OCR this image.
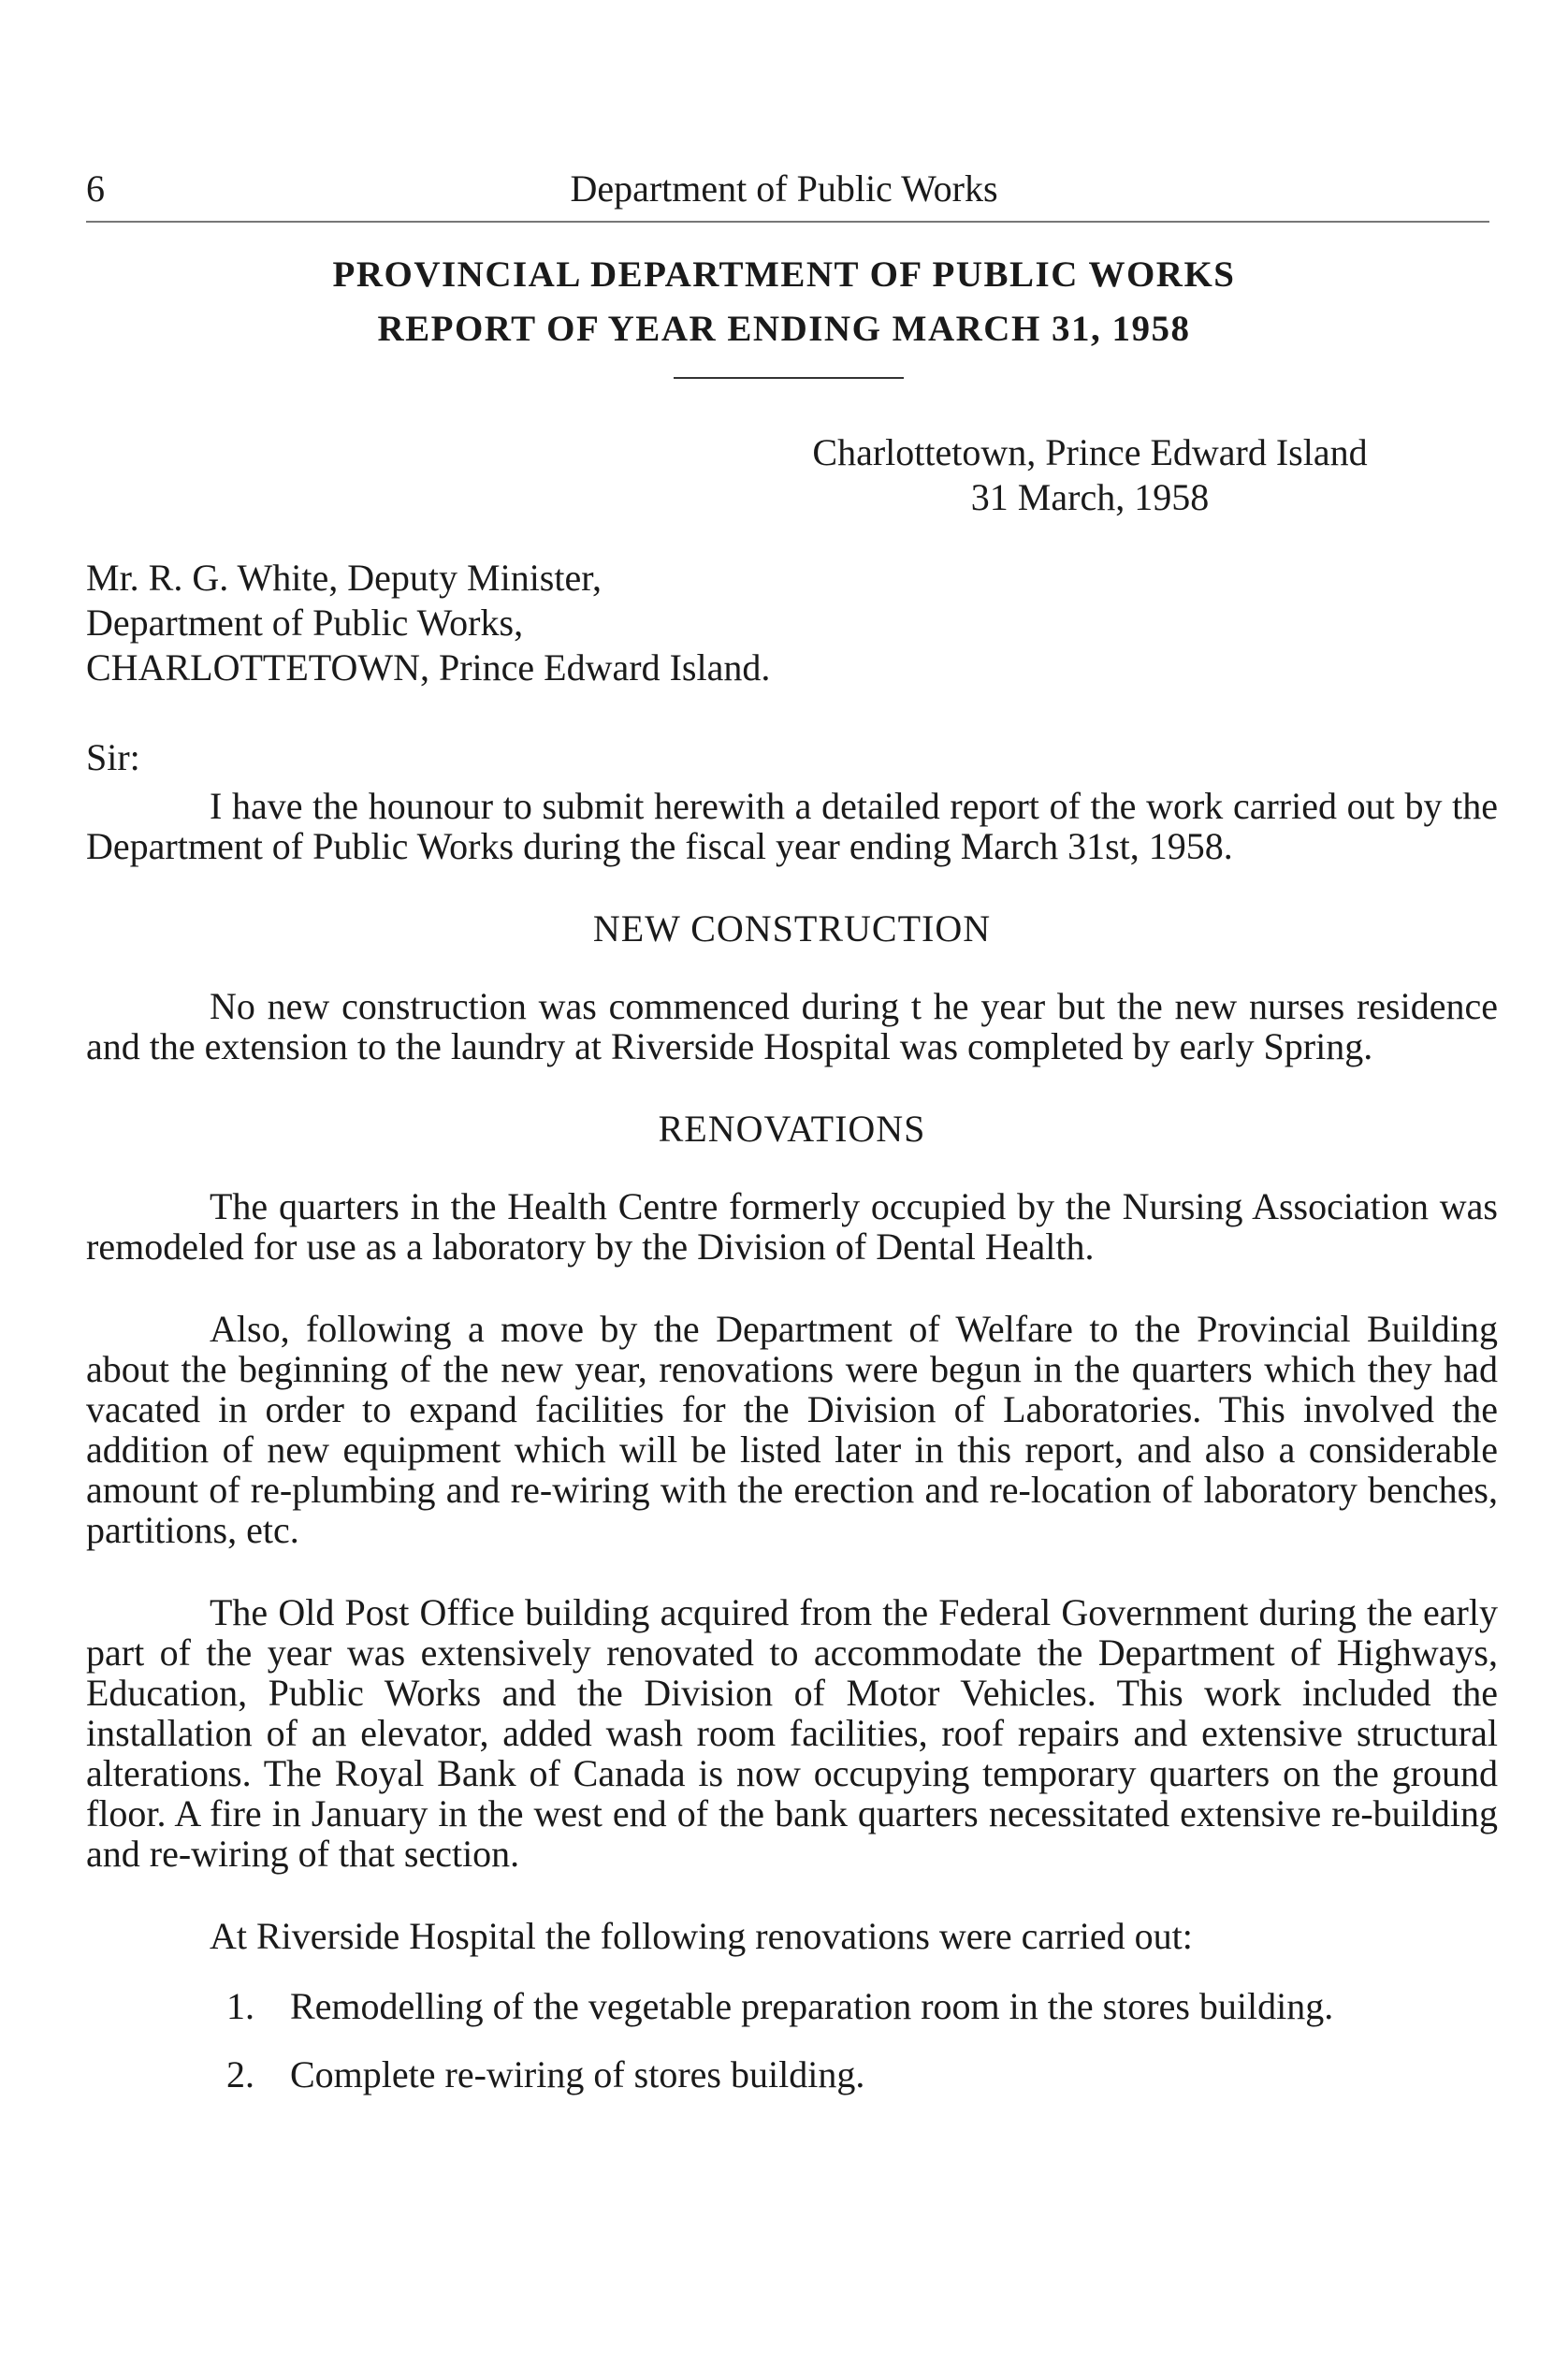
6	Department of Public Works
PROVINCIAL DEPARTMENT OF PUBLIC WORKS
REPORT OF YEAR ENDING MARCH 31, 1958
Charlottetown, Prince Edward Island
31 March, 1958
Mr. R. G. White, Deputy Minister,
Department of Public Works,
CHARLOTTETOWN, Prince Edward Island.
Sir:

I have the hounour to submit herewith a detailed report of the work carried out by the Department of Public Works during the fiscal year ending March 31st, 1958.

NEW CONSTRUCTION

No new construction was commenced during t he year but the new nurses residence and the extension to the laundry at Riverside Hospital was completed by early Spring.

RENOVATIONS

The quarters in the Health Centre formerly occupied by the Nursing Association was remodeled for use as a laboratory by the Division of Dental Health.

Also, following a move by the Department of Welfare to the Provincial Building about the beginning of the new year, renovations were begun in the quarters which they had vacated in order to expand facilities for the Division of Laboratories. This involved the addition of new equipment which will be listed later in this report, and also a considerable amount of re-plumbing and re-wiring with the erection and re-location of laboratory benches, partitions, etc.

The Old Post Office building acquired from the Federal Government during the early part of the year was extensively renovated to accommodate the Department of Highways, Education, Public Works and the Division of Motor Vehicles. This work included the installation of an elevator, added wash room facilities, roof repairs and extensive structural alterations. The Royal Bank of Canada is now occupying temporary quarters on the ground floor. A fire in January in the west end of the bank quarters necessitated extensive re-building and re-wiring of that section.

At Riverside Hospital the following renovations were carried out:
1. Remodelling of the vegetable preparation room in the stores building.
2. Complete re-wiring of stores building.
